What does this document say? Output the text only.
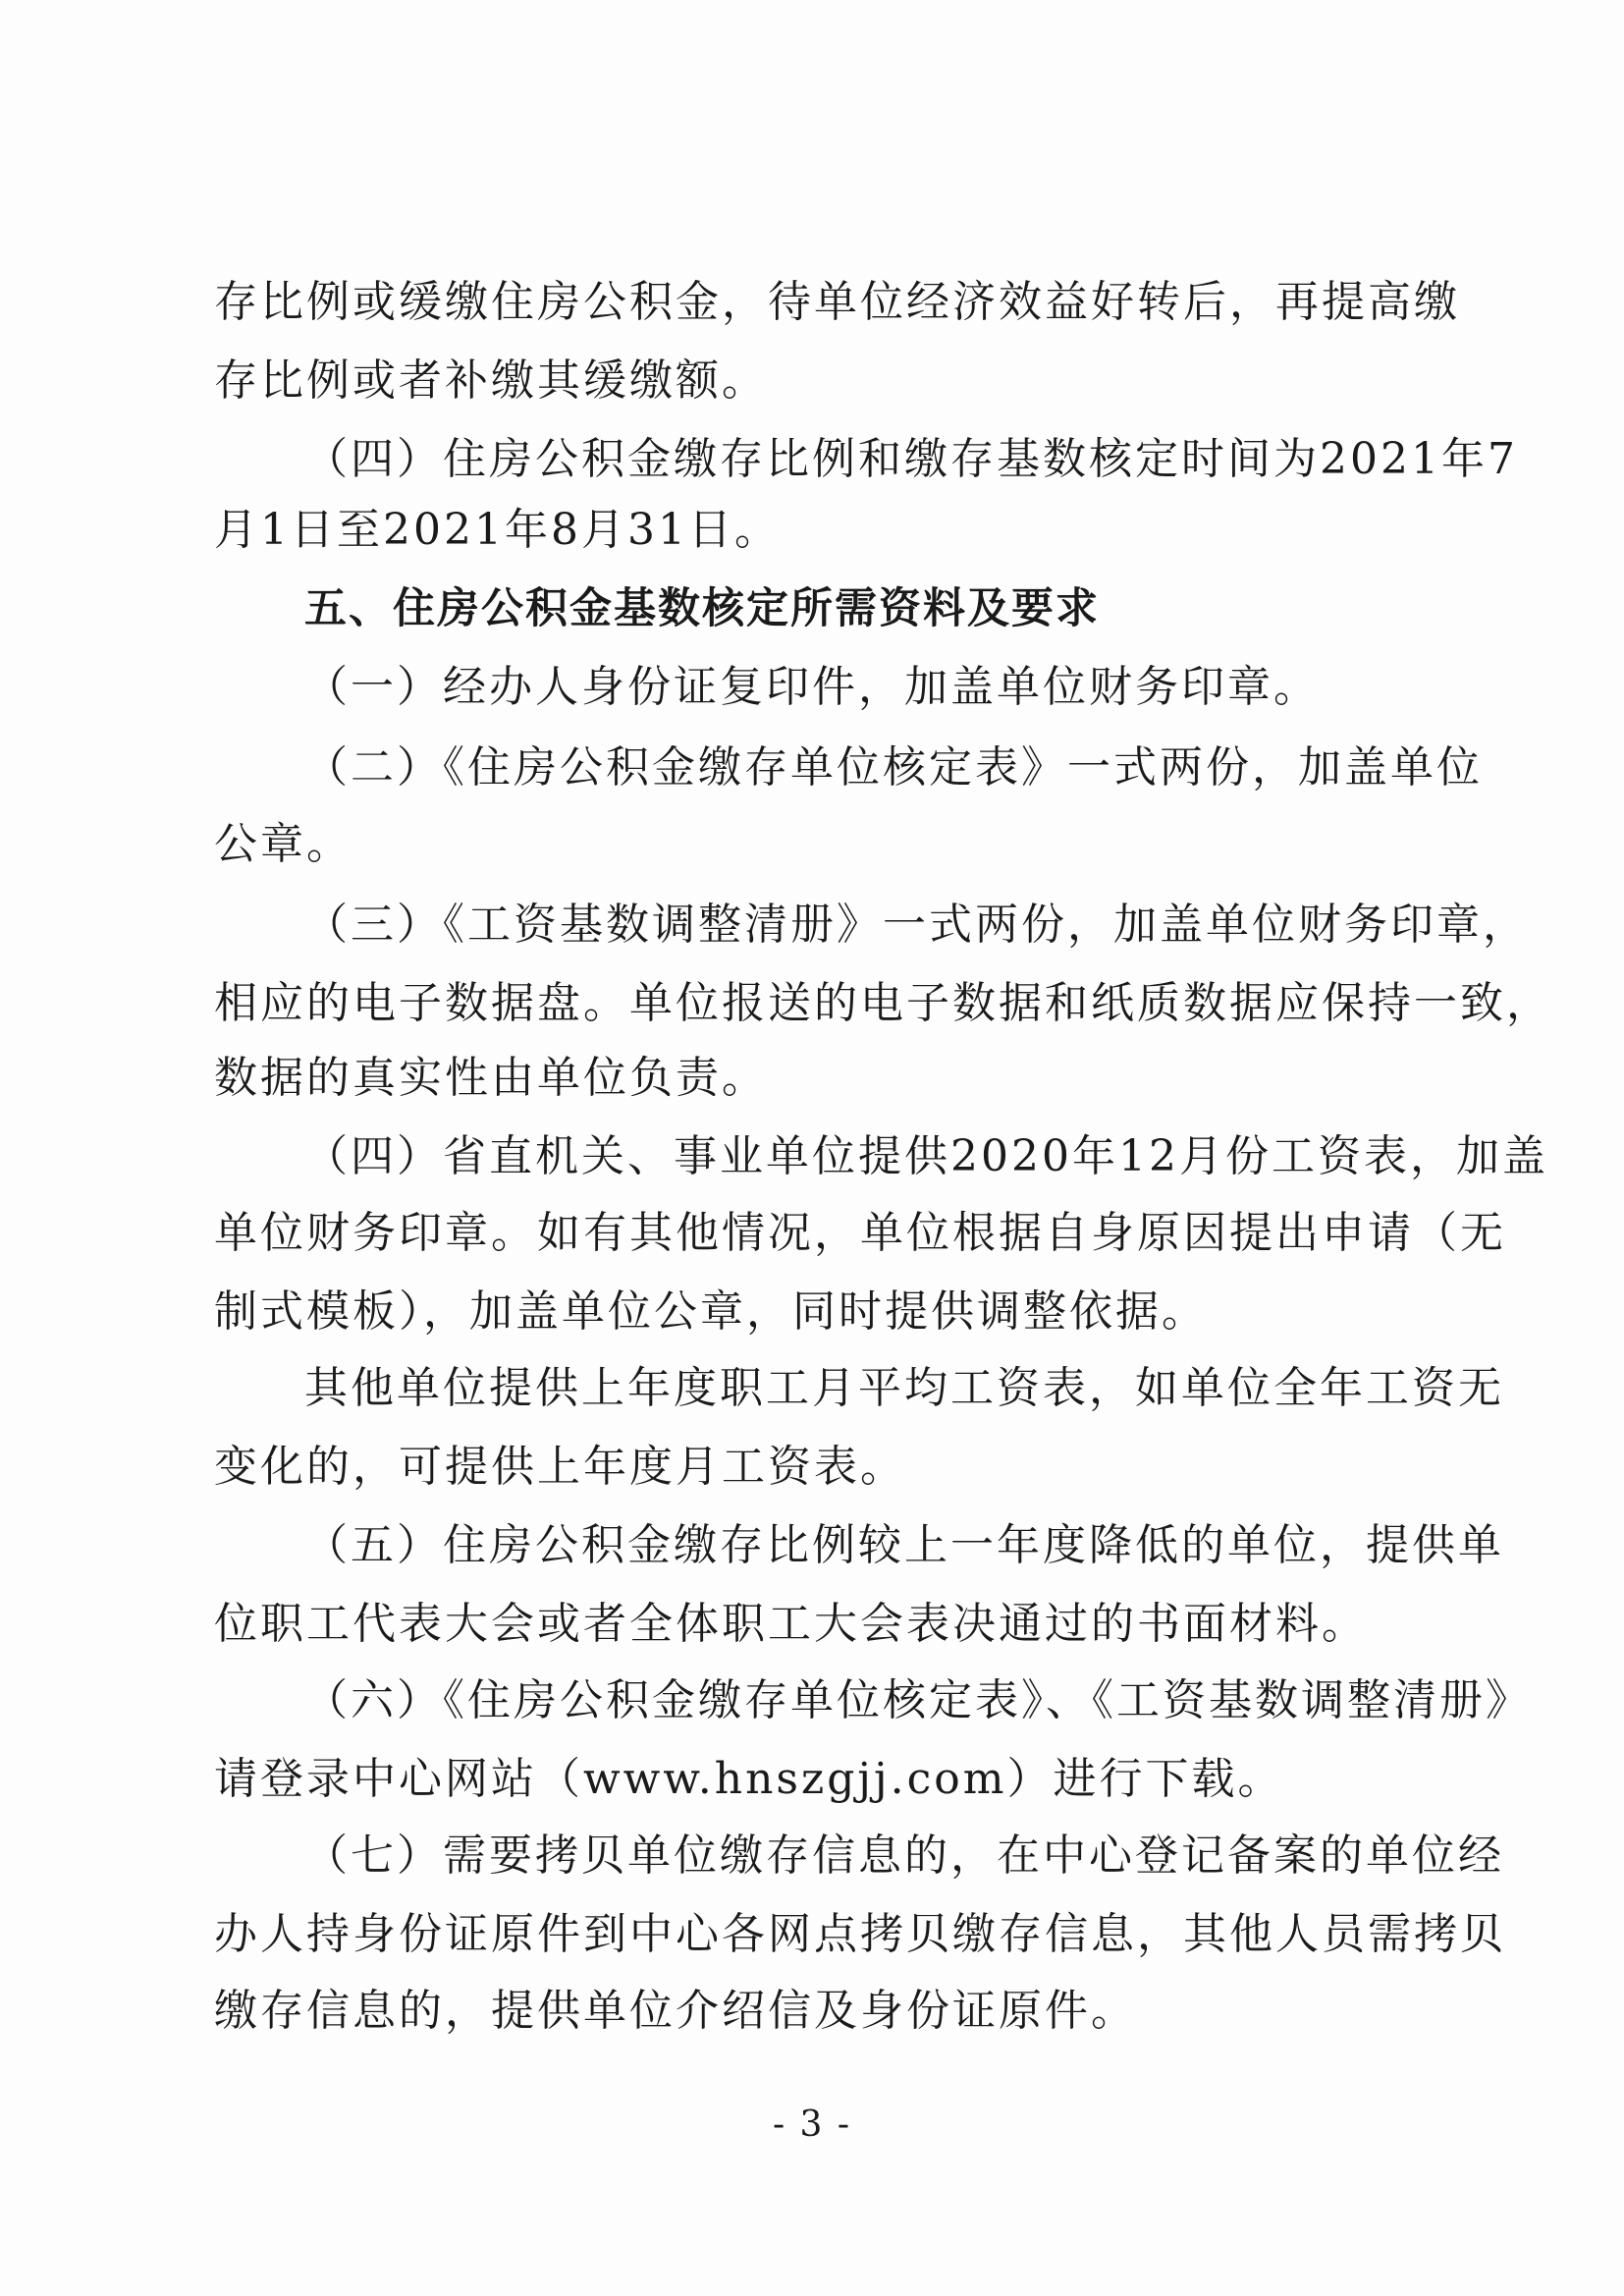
存比例或缓缴住房公积金，待单位经济效益好转后，再提高缴
存比例或者补缴其缓缴额。
（四）住房公积金缴存比例和缴存基数核定时间为2021年7
月1日至2021年8月31日。
五、住房公积金基数核定所需资料及要求
（一）经办人身份证复印件，加盖单位财务印章。
（二）《住房公积金缴存单位核定表》一式两份，加盖单位
公章。
（三）《工资基数调整清册》一式两份，加盖单位财务印章，
相应的电子数据盘。单位报送的电子数据和纸质数据应保持一致，
数据的真实性由单位负责。
（四）省直机关、事业单位提供2020年12月份工资表，加盖
单位财务印章。如有其他情况，单位根据自身原因提出申请（无
制式模板），加盖单位公章，同时提供调整依据。
其他单位提供上年度职工月平均工资表，如单位全年工资无
变化的，可提供上年度月工资表。
（五）住房公积金缴存比例较上一年度降低的单位，提供单
位职工代表大会或者全体职工大会表决通过的书面材料。
（六）《住房公积金缴存单位核定表》、《工资基数调整清册》
请登录中心网站（www.hnszgjj.com）进行下载。
（七）需要拷贝单位缴存信息的，在中心登记备案的单位经
办人持身份证原件到中心各网点拷贝缴存信息，其他人员需拷贝
缴存信息的，提供单位介绍信及身份证原件。
- 3 -
